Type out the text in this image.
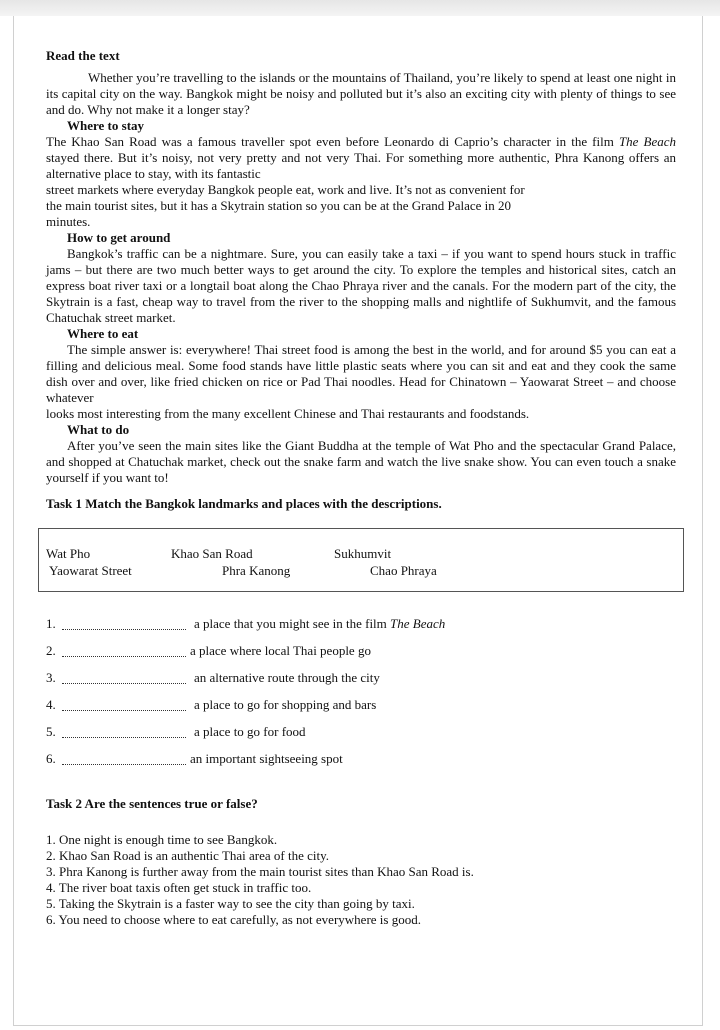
Read the text

Whether you’re travelling to the islands or the mountains of Thailand, you’re likely to spend at least one night in its capital city on the way. Bangkok might be noisy and polluted but it’s also an exciting city with plenty of things to see and do. Why not make it a longer stay?

Where to stay

The Khao San Road was a famous traveller spot even before Leonardo di Caprio’s character in the film The Beach stayed there. But it’s noisy, not very pretty and not very Thai. For something more authentic, Phra Kanong offers an alternative place to stay, with its fantastic

street markets where everyday Bangkok people eat, work and live. It’s not as convenient for

the main tourist sites, but it has a Skytrain station so you can be at the Grand Palace in 20

minutes.

How to get around

Bangkok’s traffic can be a nightmare. Sure, you can easily take a taxi – if you want to spend hours stuck in traffic jams – but there are two much better ways to get around the city. To explore the temples and historical sites, catch an express boat river taxi or a longtail boat along the Chao Phraya river and the canals. For the modern part of the city, the Skytrain is a fast, cheap way to travel from the river to the shopping malls and nightlife of Sukhumvit, and the famous Chatuchak street market.

Where to eat

The simple answer is: everywhere! Thai street food is among the best in the world, and for around $5 you can eat a filling and delicious meal. Some food stands have little plastic seats where you can sit and eat and they cook the same dish over and over, like fried chicken on rice or Pad Thai noodles. Head for Chinatown – Yaowarat Street – and choose whatever

looks most interesting from the many excellent Chinese and Thai restaurants and foodstands.

What to do

After you’ve seen the main sites like the Giant Buddha at the temple of Wat Pho and the spectacular Grand Palace, and shopped at Chatuchak market, check out the snake farm and watch the live snake show. You can even touch a snake yourself if you want to!

Task 1 Match the Bangkok landmarks and places with the descriptions.
Wat Pho	Khao San Road	Sukhumvit
Yaowarat Street	Phra Kanong	Chao Phraya
1.	a place that you might see in the film The Beach
2.	a place where local Thai people go
3.	an alternative route through the city
4.	a place to go for shopping and bars
5.	a place to go for food
6.	an important sightseeing spot
Task 2 Are the sentences true or false?
1. One night is enough time to see Bangkok.
2. Khao San Road is an authentic Thai area of the city.
3. Phra Kanong is further away from the main tourist sites than Khao San Road is.
4. The river boat taxis often get stuck in traffic too.
5. Taking the Skytrain is a faster way to see the city than going by taxi.
6. You need to choose where to eat carefully, as not everywhere is good.
